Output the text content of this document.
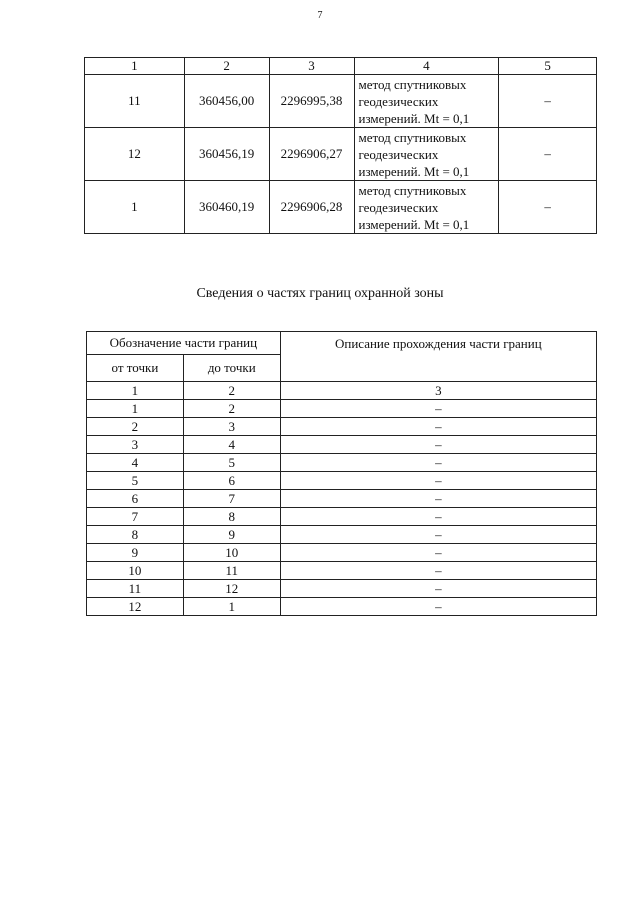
7
1	2	3	4	5
11	360456,00	2296995,38	метод спутниковых геодезических измерений. Mt = 0,1	–
12	360456,19	2296906,27	метод спутниковых геодезических измерений. Mt = 0,1	–
1	360460,19	2296906,28	метод спутниковых геодезических измерений. Mt = 0,1	–
Сведения о частях границ охранной зоны
Обозначение части границ		Описание прохождения части границ
от точки	до точки	
1	2	3
1	2	–
2	3	–
3	4	–
4	5	–
5	6	–
6	7	–
7	8	–
8	9	–
9	10	–
10	11	–
11	12	–
12	1	–
